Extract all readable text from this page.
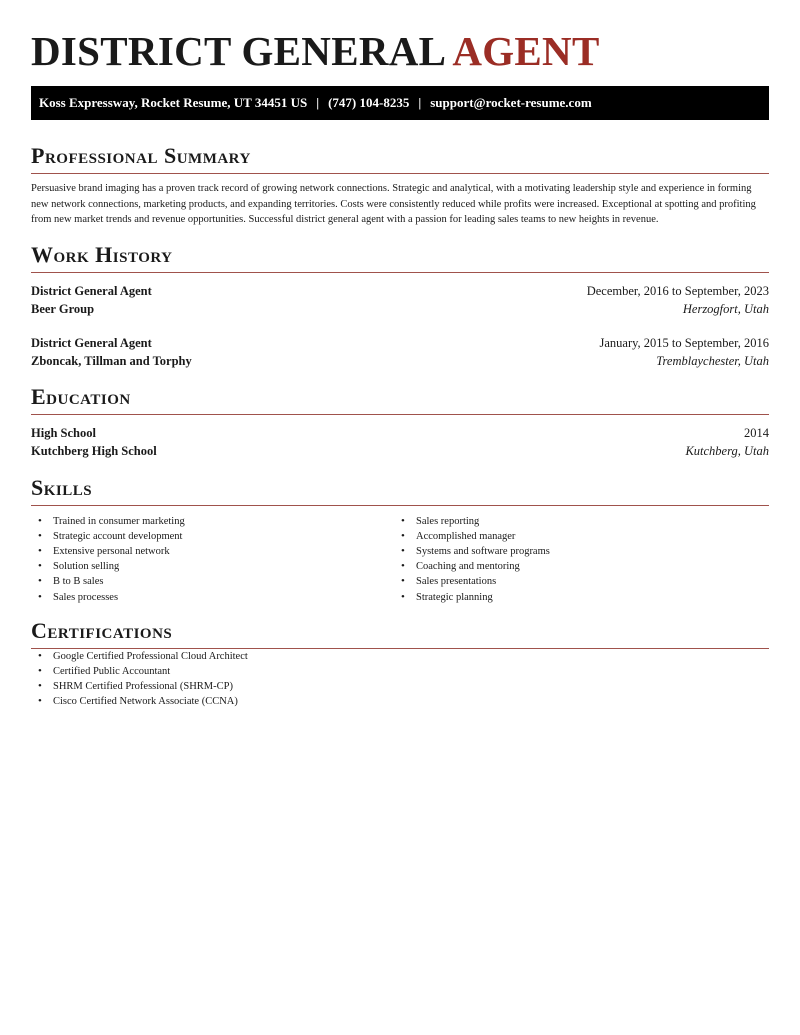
DISTRICT GENERAL AGENT
Koss Expressway, Rocket Resume, UT 34451 US | (747) 104-8235 | support@rocket-resume.com
Professional Summary

Persuasive brand imaging has a proven track record of growing network connections. Strategic and analytical, with a motivating leadership style and experience in forming new network connections, marketing products, and expanding territories. Costs were consistently reduced while profits were increased. Exceptional at spotting and profiting from new market trends and revenue opportunities. Successful district general agent with a passion for leading sales teams to new heights in revenue.

Work History
District General Agent	December, 2016 to September, 2023
Beer Group	Herzogfort, Utah
District General Agent	January, 2015 to September, 2016
Zboncak, Tillman and Torphy	Tremblaychester, Utah
Education
High School	2014
Kutchberg High School	Kutchberg, Utah
Skills
• Trained in consumer marketing
• Strategic account development
• Extensive personal network
• Solution selling
• B to B sales
• Sales processes
• Sales reporting
• Accomplished manager
• Systems and software programs
• Coaching and mentoring
• Sales presentations
• Strategic planning
Certifications
• Google Certified Professional Cloud Architect
• Certified Public Accountant
• SHRM Certified Professional (SHRM-CP)
• Cisco Certified Network Associate (CCNA)
